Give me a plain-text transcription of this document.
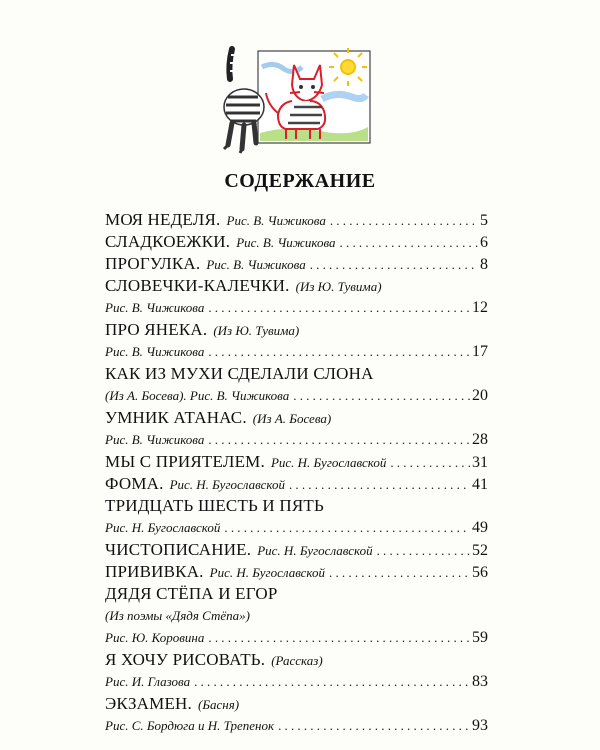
СОДЕРЖАНИЕ
МОЯ НЕДЕЛЯ. Рис. В. Чижикова .....	5
СЛАДКОЕЖКИ. Рис. В. Чижикова .....	6
ПРОГУЛКА. Рис. В. Чижикова .....	8
СЛОВЕЧКИ-КАЛЕЧКИ. (Из Ю. Тувима)
Рис. В. Чижикова .....	12
ПРО ЯНЕКА. (Из Ю. Тувима)
Рис. В. Чижикова .....	17
КАК ИЗ МУХИ СДЕЛАЛИ СЛОНА
(Из А. Босева). Рис. В. Чижикова .....	20
УМНИК АТАНАС. (Из А. Босева)
Рис. В. Чижикова .....	28
МЫ С ПРИЯТЕЛЕМ. Рис. Н. Бугославской .....	31
ФОМА. Рис. Н. Бугославской .....	41
ТРИДЦАТЬ ШЕСТЬ И ПЯТЬ
Рис. Н. Бугославской .....	49
ЧИСТОПИСАНИЕ. Рис. Н. Бугославской .....	52
ПРИВИВКА. Рис. Н. Бугославской .....	56
ДЯДЯ СТЁПА И ЕГОР
(Из поэмы «Дядя Стёпа»)
Рис. Ю. Коровина .....	59
Я ХОЧУ РИСОВАТЬ. (Рассказ)
Рис. И. Глазова .....	83
ЭКЗАМЕН. (Басня)
Рис. С. Бордюга и Н. Трепенок .....	93
